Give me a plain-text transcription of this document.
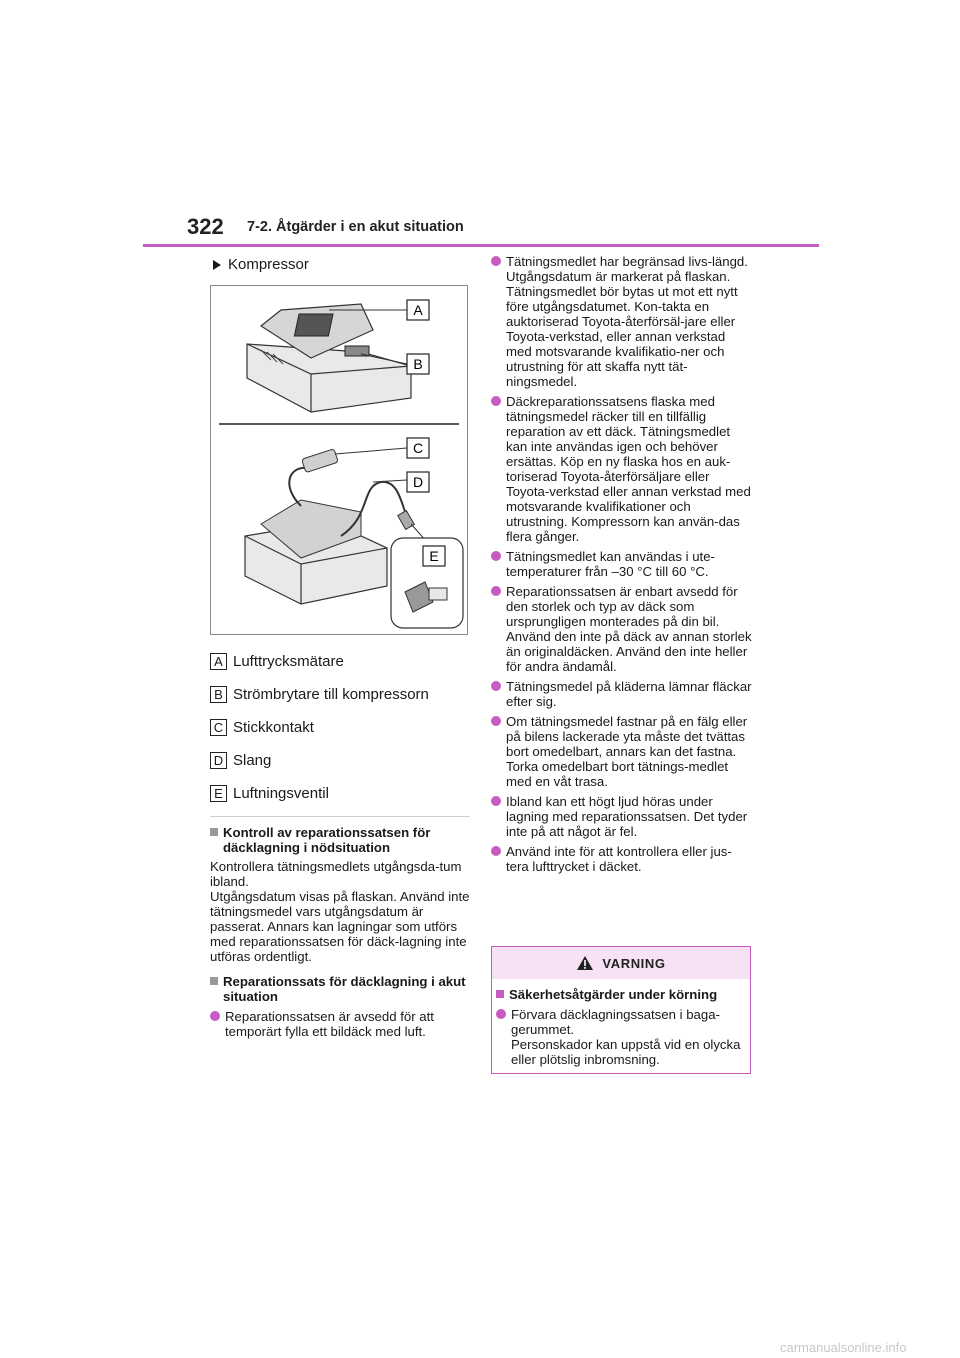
322 7-2. Åtgärder i en akut situation
Kompressor
A
B
C
D
E
A Lufttrycksmätare
B Strömbrytare till kompressorn
C Stickkontakt
D Slang
E Luftningsventil
Kontroll av reparationssatsen för däcklagning i nödsituation
Kontrollera tätningsmedlets utgångsda-tum ibland.
Utgångsdatum visas på flaskan. Använd inte tätningsmedel vars utgångsdatum är passerat. Annars kan lagningar som utförs med reparationssatsen för däck-lagning inte utföras ordentligt.
Reparationssats för däcklagning i akut situation
Reparationssatsen är avsedd för att temporärt fylla ett bildäck med luft.
Tätningsmedlet har begränsad livs-längd. Utgångsdatum är markerat på flaskan. Tätningsmedlet bör bytas ut mot ett nytt före utgångsdatumet. Kon-takta en auktoriserad Toyota-återförsäl-jare eller Toyota-verkstad, eller annan verkstad med motsvarande kvalifikatio-ner och utrustning för att skaffa nytt tät-ningsmedel.
Däckreparationssatsens flaska med tätningsmedel räcker till en tillfällig reparation av ett däck. Tätningsmedlet kan inte användas igen och behöver ersättas. Köp en ny flaska hos en auk-toriserad Toyota-återförsäljare eller Toyota-verkstad eller annan verkstad med motsvarande kvalifikationer och utrustning. Kompressorn kan använ-das flera gånger.
Tätningsmedlet kan användas i ute-temperaturer från –30 °C till 60 °C.
Reparationssatsen är enbart avsedd för den storlek och typ av däck som ursprungligen monterades på din bil. Använd den inte på däck av annan storlek än originaldäcken. Använd den inte heller för andra ändamål.
Tätningsmedel på kläderna lämnar fläckar efter sig.
Om tätningsmedel fastnar på en fälg eller på bilens lackerade yta måste det tvättas bort omedelbart, annars kan det fastna. Torka omedelbart bort tätnings-medlet med en våt trasa.
Ibland kan ett högt ljud höras under lagning med reparationssatsen. Det tyder inte på att något är fel.
Använd inte för att kontrollera eller jus-tera lufttrycket i däcket.
VARNING
Säkerhetsåtgärder under körning
Förvara däcklagningssatsen i baga-gerummet.
Personskador kan uppstå vid en olycka eller plötslig inbromsning.
carmanualsonline.info
